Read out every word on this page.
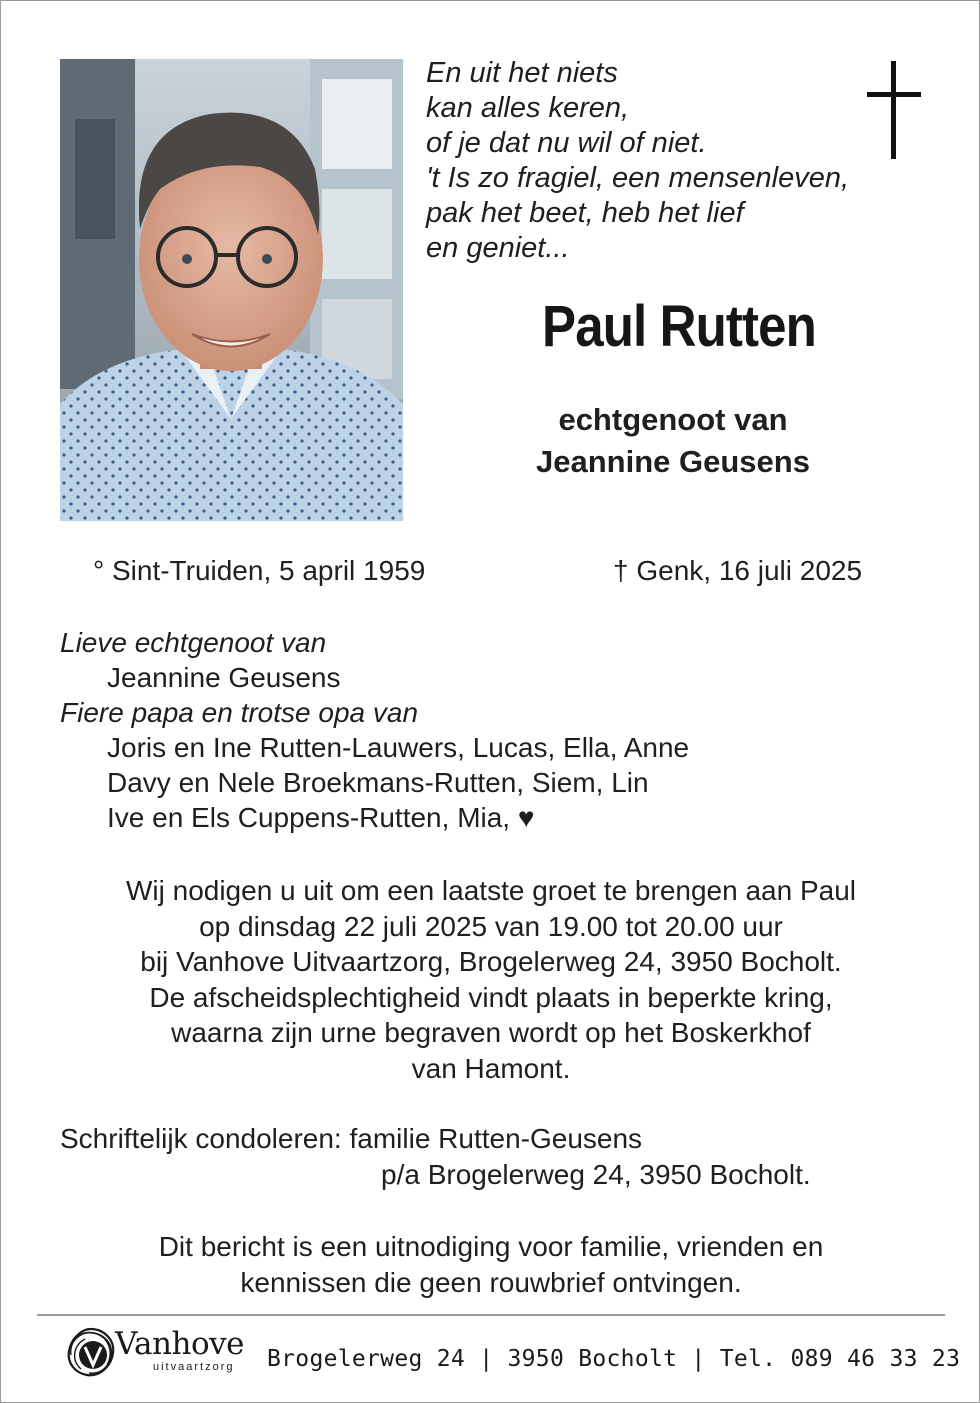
En uit het niets
kan alles keren,
of je dat nu wil of niet.
't Is zo fragiel, een mensenleven,
pak het beet, heb het lief
en geniet...
Paul Rutten
echtgenoot van
Jeannine Geusens
° Sint-Truiden, 5 april 1959	† Genk, 16 juli 2025
Lieve echtgenoot van
Jeannine Geusens
Fiere papa en trotse opa van
Joris en Ine Rutten-Lauwers, Lucas, Ella, Anne
Davy en Nele Broekmans-Rutten, Siem, Lin
Ive en Els Cuppens-Rutten, Mia, ♥
Wij nodigen u uit om een laatste groet te brengen aan Paul
op dinsdag 22 juli 2025 van 19.00 tot 20.00 uur
bij Vanhove Uitvaartzorg, Brogelerweg 24, 3950 Bocholt.
De afscheidsplechtigheid vindt plaats in beperkte kring,
waarna zijn urne begraven wordt op het Boskerkhof
van Hamont.
Schriftelijk condoleren: familie Rutten-Geusens
p/a Brogelerweg 24, 3950 Bocholt.
Dit bericht is een uitnodiging voor familie, vrienden en
kennissen die geen rouwbrief ontvingen.
Vanhove
uitvaartzorg Brogelerweg 24 | 3950 Bocholt | Tel. 089 46 33 23
